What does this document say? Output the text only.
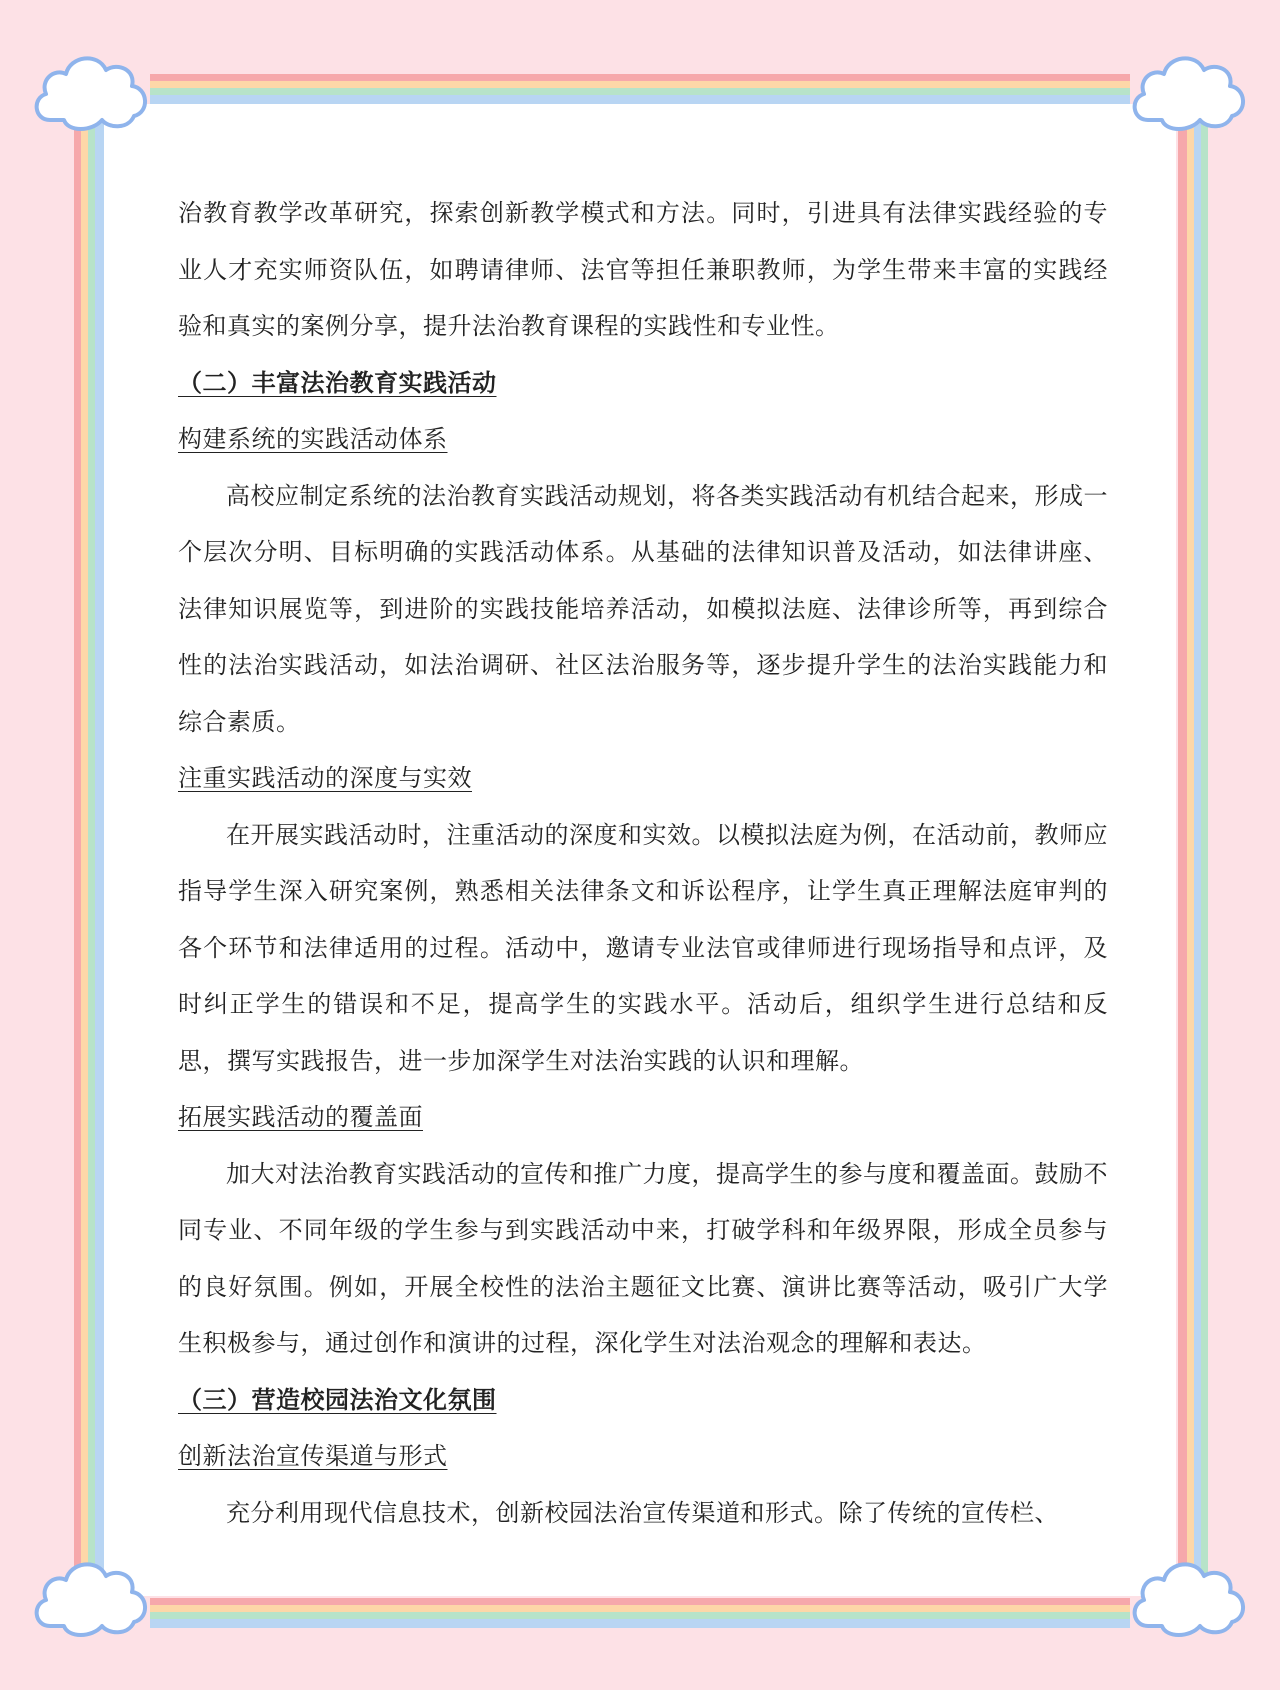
治教育教学改革研究，探索创新教学模式和方法。同时，引进具有法律实践经验的专业人才充实师资队伍，如聘请律师、法官等担任兼职教师，为学生带来丰富的实践经验和真实的案例分享，提升法治教育课程的实践性和专业性。

（二）丰富法治教育实践活动

构建系统的实践活动体系

高校应制定系统的法治教育实践活动规划，将各类实践活动有机结合起来，形成一个层次分明、目标明确的实践活动体系。从基础的法律知识普及活动，如法律讲座、法律知识展览等，到进阶的实践技能培养活动，如模拟法庭、法律诊所等，再到综合性的法治实践活动，如法治调研、社区法治服务等，逐步提升学生的法治实践能力和综合素质。

注重实践活动的深度与实效

在开展实践活动时，注重活动的深度和实效。以模拟法庭为例，在活动前，教师应指导学生深入研究案例，熟悉相关法律条文和诉讼程序，让学生真正理解法庭审判的各个环节和法律适用的过程。活动中，邀请专业法官或律师进行现场指导和点评，及时纠正学生的错误和不足，提高学生的实践水平。活动后，组织学生进行总结和反思，撰写实践报告，进一步加深学生对法治实践的认识和理解。

拓展实践活动的覆盖面

加大对法治教育实践活动的宣传和推广力度，提高学生的参与度和覆盖面。鼓励不同专业、不同年级的学生参与到实践活动中来，打破学科和年级界限，形成全员参与的良好氛围。例如，开展全校性的法治主题征文比赛、演讲比赛等活动，吸引广大学生积极参与，通过创作和演讲的过程，深化学生对法治观念的理解和表达。

（三）营造校园法治文化氛围

创新法治宣传渠道与形式

充分利用现代信息技术，创新校园法治宣传渠道和形式。除了传统的宣传栏、
